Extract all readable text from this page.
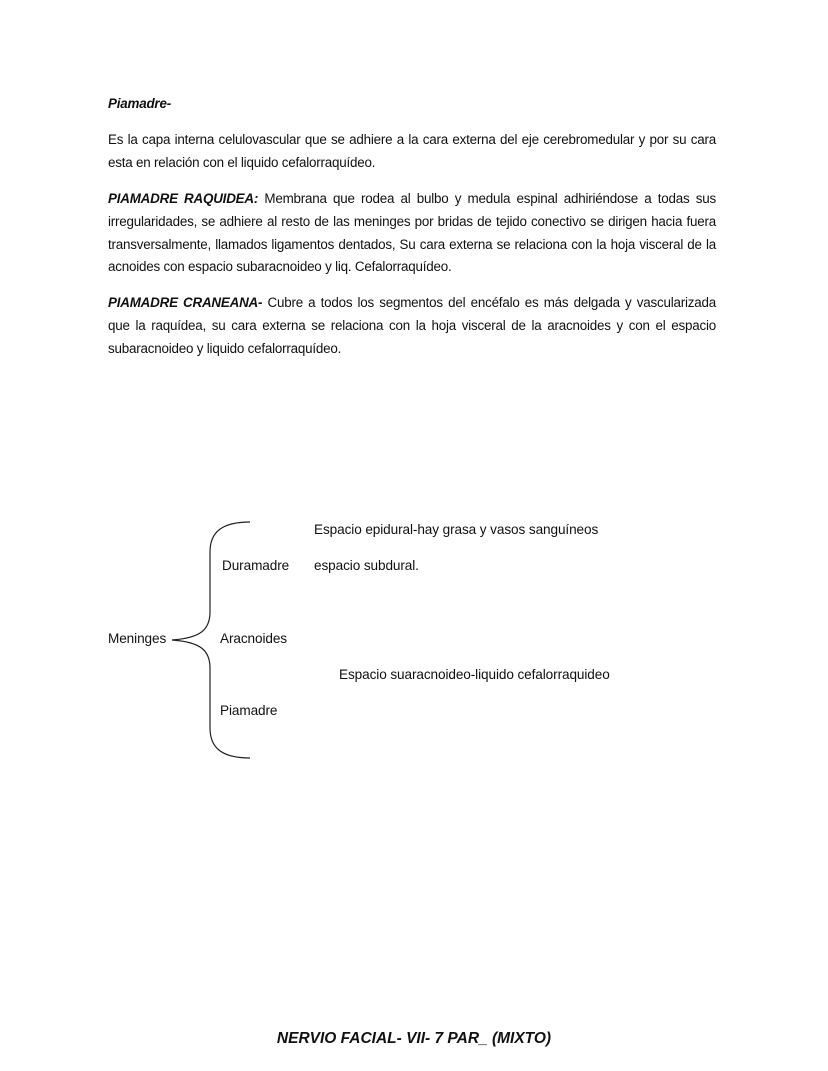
Piamadre-

Es la capa interna celulovascular que se adhiere a la cara externa del eje cerebromedular y por su cara esta en relación con el liquido cefalorraquídeo.

PIAMADRE RAQUIDEA: Membrana que rodea al bulbo y medula espinal adhiriéndose a todas sus irregularidades, se adhiere al resto de las meninges por bridas de tejido conectivo se dirigen hacia fuera transversalmente, llamados ligamentos dentados, Su cara externa se relaciona con la hoja visceral de la acnoides con espacio subaracnoideo y liq. Cefalorraquídeo.

PIAMADRE CRANEANA- Cubre a todos los segmentos del encéfalo es más delgada y vascularizada que la raquídea, su cara externa se relaciona con la hoja visceral de la aracnoides y con el espacio subaracnoideo y liquido cefalorraquídeo.

Meninges
Duramadre
Aracnoides
Piamadre
Espacio epidural-hay grasa y vasos sanguíneos
espacio subdural.
Espacio suaracnoideo-liquido cefalorraquideo
NERVIO FACIAL- VII- 7 PAR_ (MIXTO)
